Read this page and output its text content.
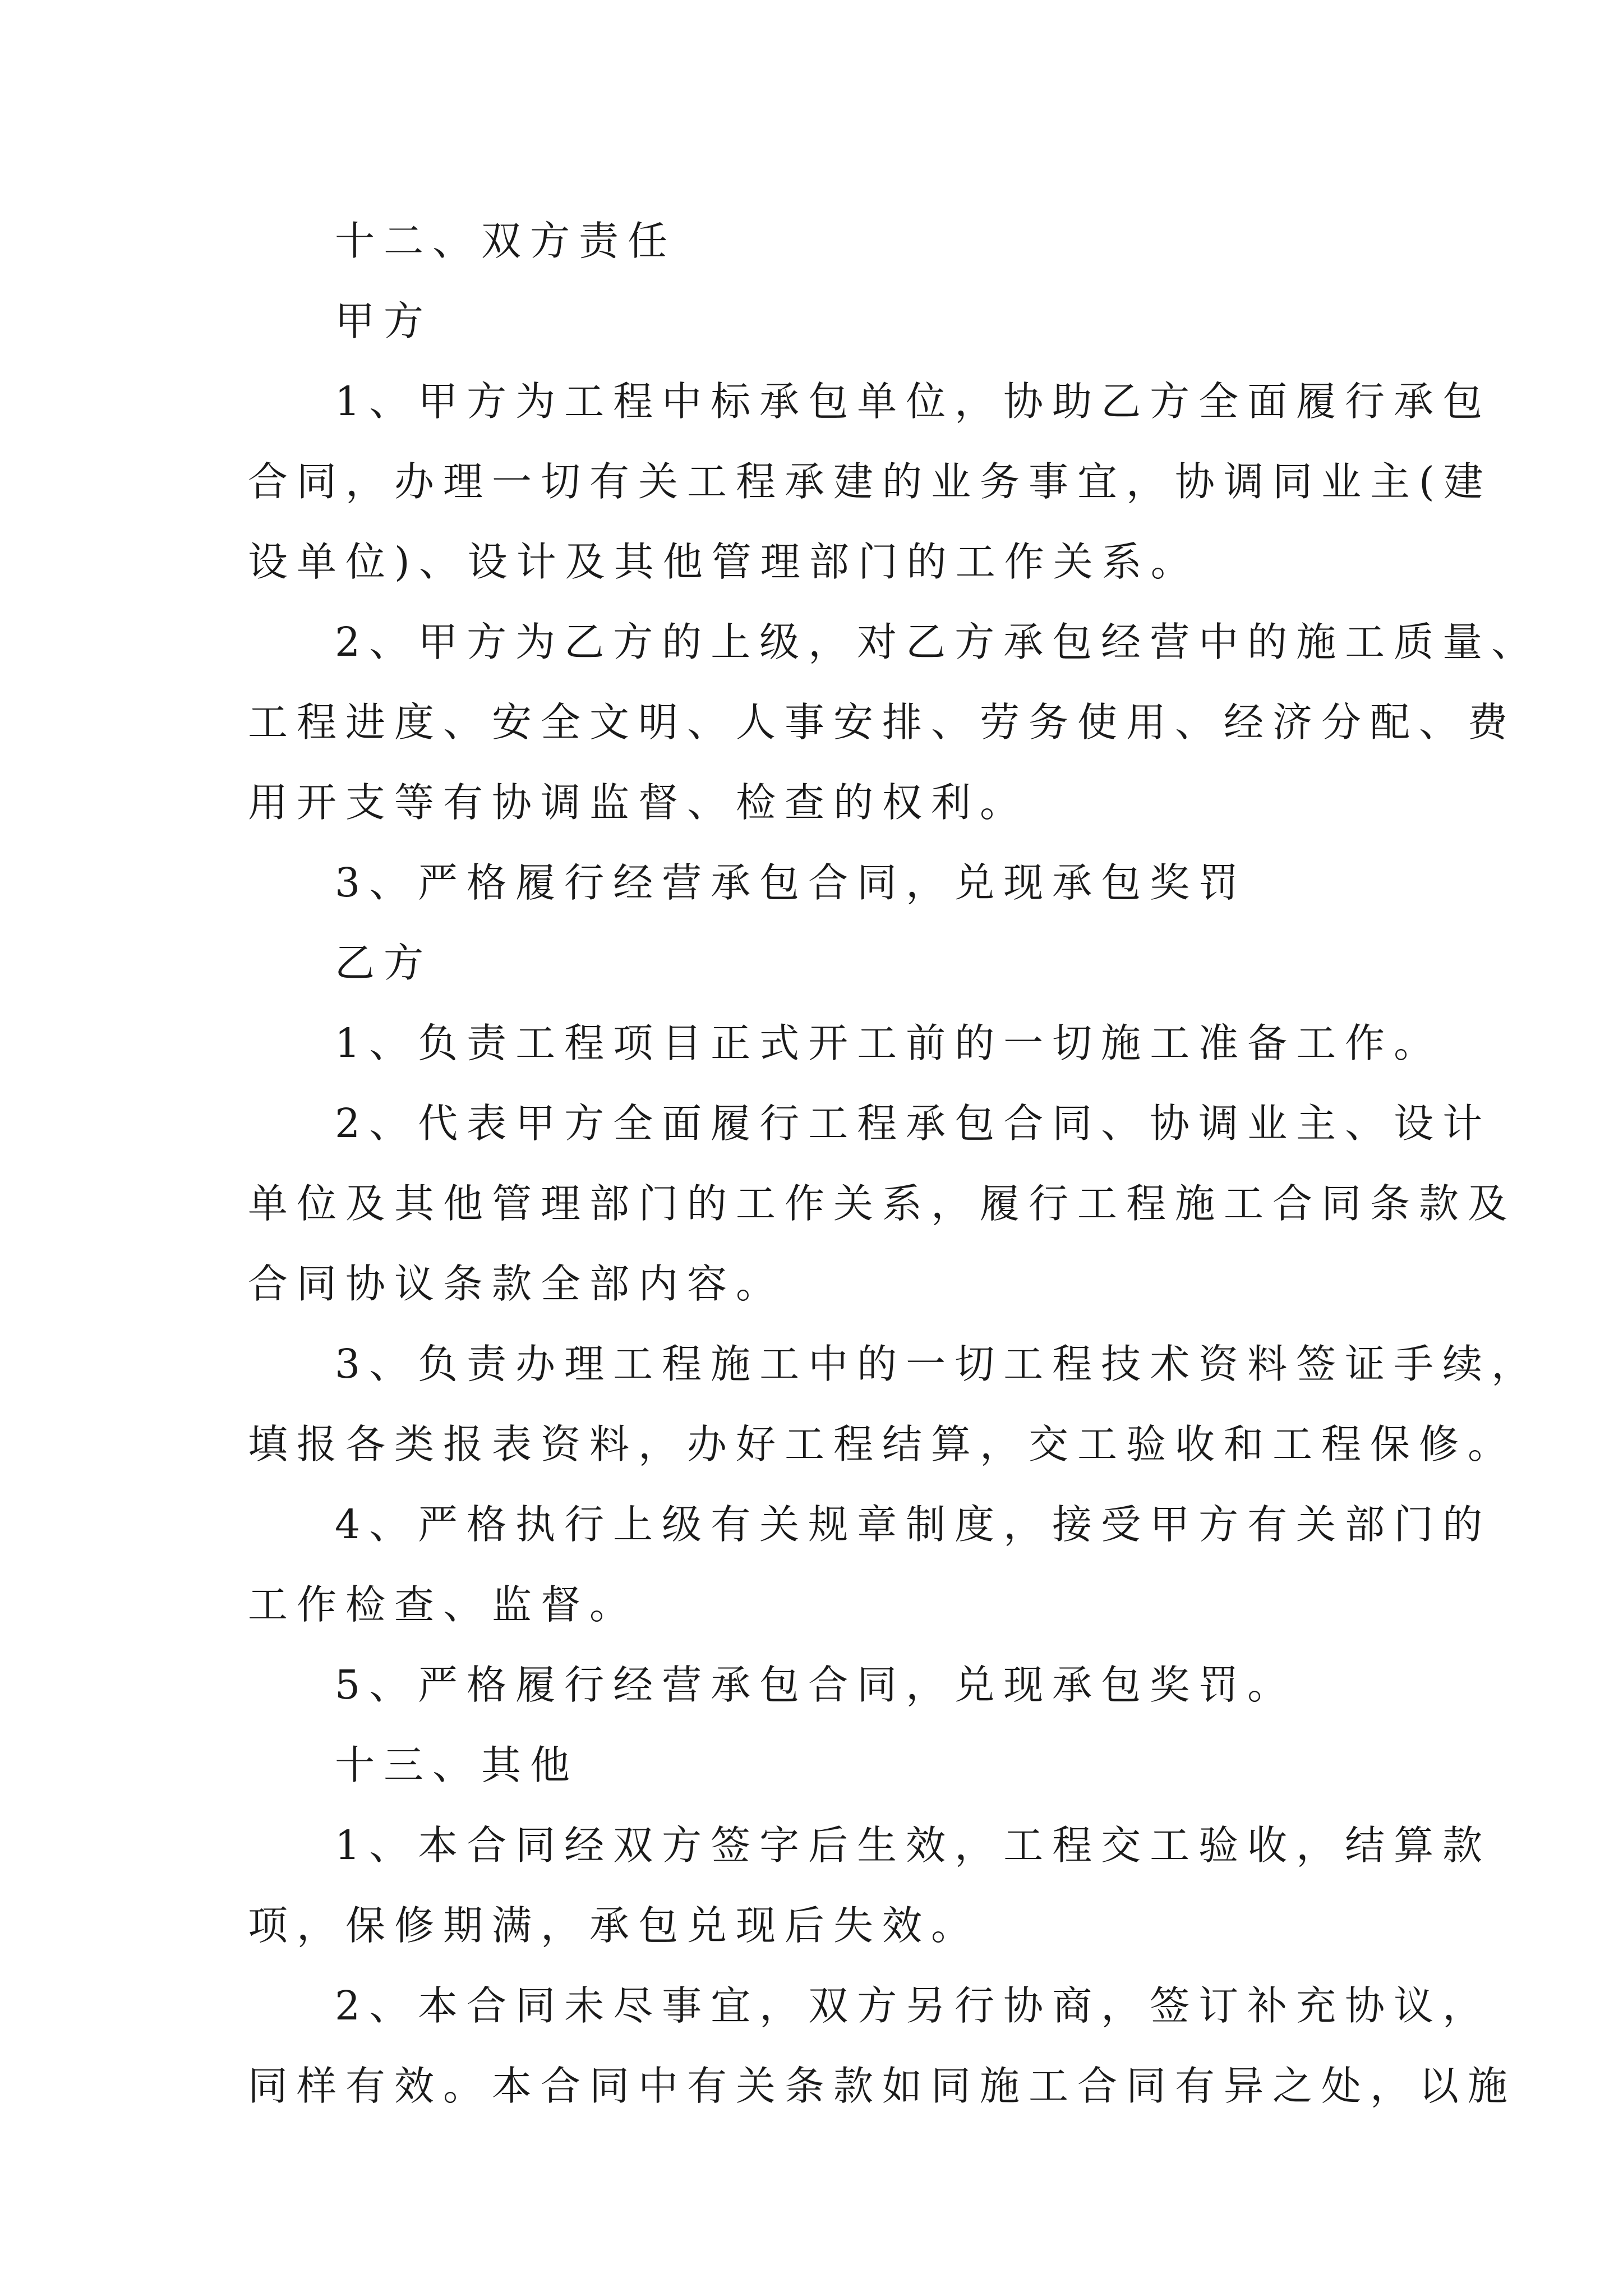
十二、双方责任
甲方
1、甲方为工程中标承包单位，协助乙方全面履行承包
合同，办理一切有关工程承建的业务事宜，协调同业主(建
设单位)、设计及其他管理部门的工作关系。
2、甲方为乙方的上级，对乙方承包经营中的施工质量、
工程进度、安全文明、人事安排、劳务使用、经济分配、费
用开支等有协调监督、检查的权利。
3、严格履行经营承包合同，兑现承包奖罚
乙方
1、负责工程项目正式开工前的一切施工准备工作。
2、代表甲方全面履行工程承包合同、协调业主、设计
单位及其他管理部门的工作关系，履行工程施工合同条款及
合同协议条款全部内容。
3、负责办理工程施工中的一切工程技术资料签证手续，
填报各类报表资料，办好工程结算，交工验收和工程保修。
4、严格执行上级有关规章制度，接受甲方有关部门的
工作检查、监督。
5、严格履行经营承包合同，兑现承包奖罚。
十三、其他
1、本合同经双方签字后生效，工程交工验收，结算款
项，保修期满，承包兑现后失效。
2、本合同未尽事宜，双方另行协商，签订补充协议，
同样有效。本合同中有关条款如同施工合同有异之处，以施
